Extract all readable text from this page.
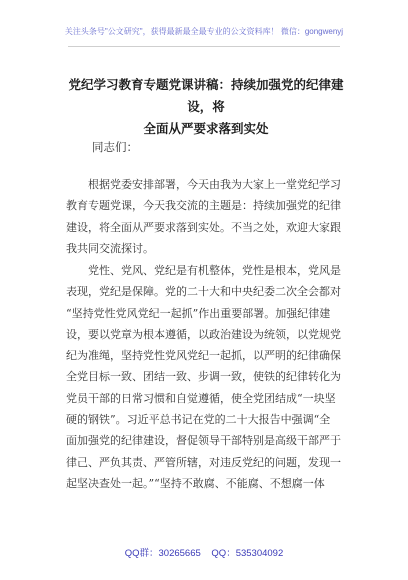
关注头条号"公文研究"，获得最新最全最专业的公文资料库！ 微信：gongwenyj
党纪学习教育专题党课讲稿：持续加强党的纪律建设，将
全面从严要求落到实处
同志们：
　　根据党委安排部署，今天由我为大家上一堂党纪学习
教育专题党课，今天我交流的主题是：持续加强党的纪律
建设，将全面从严要求落到实处。不当之处，欢迎大家跟
我共同交流探讨。
　　党性、党风、党纪是有机整体，党性是根本，党风是
表现，党纪是保障。党的二十大和中央纪委二次全会都对
“坚持党性党风党纪一起抓”作出重要部署。加强纪律建
设，要以党章为根本遵循，以政治建设为统领，以党规党
纪为准绳，坚持党性党风党纪一起抓，以严明的纪律确保
全党目标一致、团结一致、步调一致，使铁的纪律转化为
党员干部的日常习惯和自觉遵循，使全党团结成“一块坚
硬的钢铁”。习近平总书记在党的二十大报告中强调“全
面加强党的纪律建设，督促领导干部特别是高级干部严于
律己、严负其责、严管所辖，对违反党纪的问题，发现一
起坚决查处一起。”“坚持不敢腐、不能腐、不想腐一体
QQ群：30265665 QQ：535304092
